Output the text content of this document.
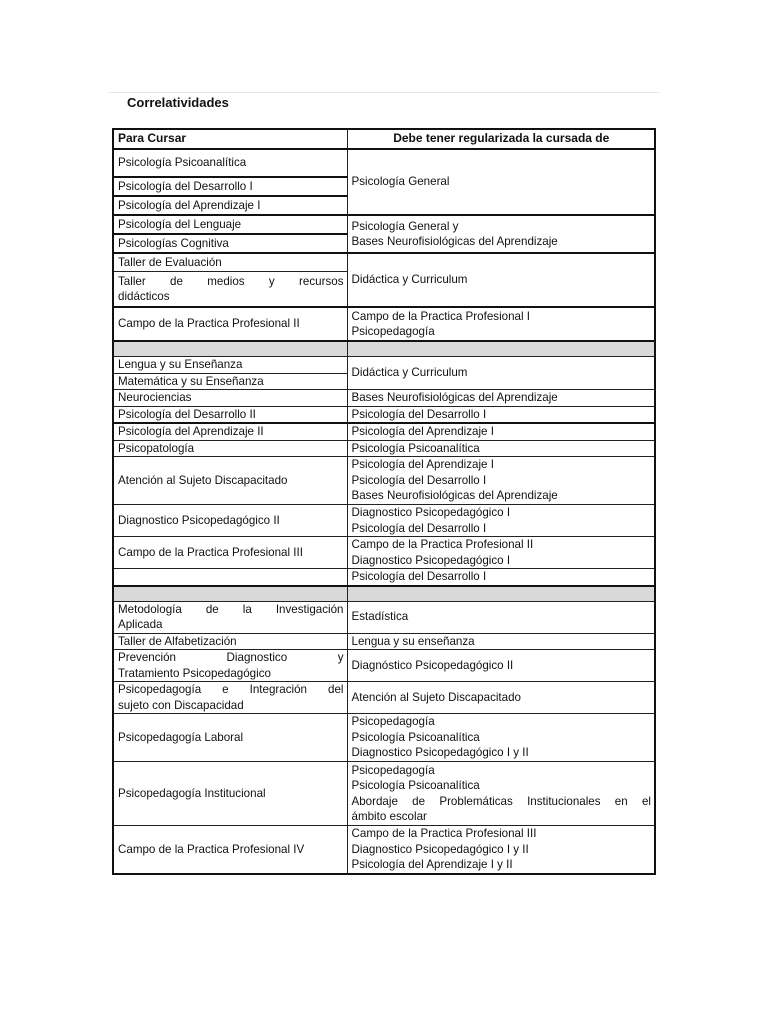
Correlatividades
Para Cursar	Debe tener regularizada la cursada de
Psicología Psicoanalítica	Psicología General
Psicología del Desarrollo I	
Psicología del Aprendizaje I	
Psicología del Lenguaje	Psicología General y
Bases Neurofisiológicas del Aprendizaje

Psicologías Cognitiva	
Taller de Evaluación	Didáctica y Curriculum

Taller de medios y recursos
didácticos	

Campo de la Practica Profesional II	Campo de la Practica Profesional I
Psicopedagogía

Lengua y su Enseñanza	Didáctica y Curriculum
Matemática y su Enseñanza	
Neurociencias	Bases Neurofisiológicas del Aprendizaje
Psicología del Desarrollo II	Psicología del Desarrollo I
Psicología del Aprendizaje II	Psicología del Aprendizaje I
Psicopatología	Psicología Psicoanalítica
Atención al Sujeto Discapacitado	Psicología del Aprendizaje I
Psicología del Desarrollo I
Bases Neurofisiológicas del Aprendizaje

Diagnostico Psicopedagógico II	Diagnostico Psicopedagógico I
Psicología del Desarrollo I

Campo de la Practica Profesional III	Campo de la Practica Profesional II
Diagnostico Psicopedagógico I

	Psicología del Desarrollo I

Metodología de la Investigación
Aplicada	Estadística
Taller de Alfabetización	Lengua y su enseñanza

Prevención Diagnostico y
Tratamiento Psicopedagógico	Diagnóstico Psicopedagógico II

Psicopedagogía e Integración del
sujeto con Discapacidad	Atención al Sujeto Discapacitado
Psicopedagogía Laboral	Psicopedagogía
Psicología Psicoanalítica
Diagnostico Psicopedagógico I y II

Psicopedagogía Institucional	Psicopedagogía
Psicología Psicoanalítica
Abordaje de Problemáticas Institucionales en el
ámbito escolar

Campo de la Practica Profesional IV	Campo de la Practica Profesional III
Diagnostico Psicopedagógico I y II
Psicología del Aprendizaje I y II
